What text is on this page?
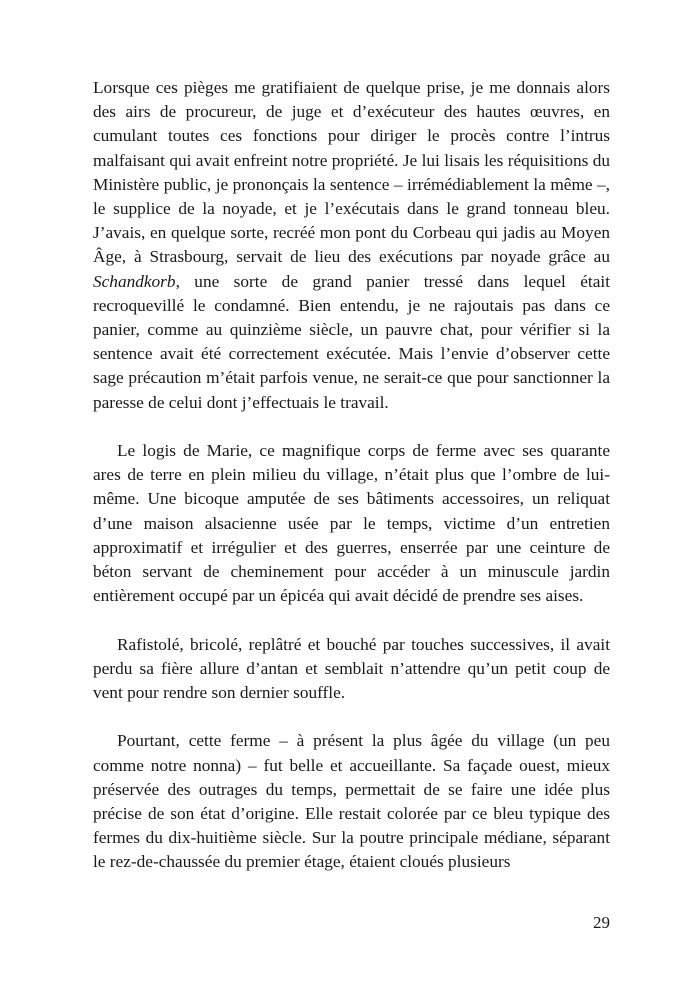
Lorsque ces pièges me gratifiaient de quelque prise, je me donnais alors des airs de procureur, de juge et d’exécuteur des hautes œuvres, en cumulant toutes ces fonctions pour diriger le procès contre l’intrus malfaisant qui avait enfreint notre propriété. Je lui lisais les réquisitions du Ministère public, je prononçais la sentence – irrémédiablement la même –, le supplice de la noyade, et je l’exécutais dans le grand tonneau bleu. J’avais, en quelque sorte, recréé mon pont du Corbeau qui jadis au Moyen Âge, à Strasbourg, servait de lieu des exécutions par noyade grâce au Schandkorb, une sorte de grand panier tressé dans lequel était recroquevillé le condamné. Bien entendu, je ne rajoutais pas dans ce panier, comme au quinzième siècle, un pauvre chat, pour vérifier si la sentence avait été correctement exécutée. Mais l’envie d’observer cette sage précaution m’était parfois venue, ne serait-ce que pour sanctionner la paresse de celui dont j’effectuais le travail.

Le logis de Marie, ce magnifique corps de ferme avec ses quarante ares de terre en plein milieu du village, n’était plus que l’ombre de lui-même. Une bicoque amputée de ses bâtiments accessoires, un reliquat d’une maison alsacienne usée par le temps, victime d’un entretien approximatif et irrégulier et des guerres, enserrée par une ceinture de béton servant de cheminement pour accéder à un minuscule jardin entièrement occupé par un épicéa qui avait décidé de prendre ses aises.

Rafistolé, bricolé, replâtré et bouché par touches successives, il avait perdu sa fière allure d’antan et semblait n’attendre qu’un petit coup de vent pour rendre son dernier souffle.

Pourtant, cette ferme – à présent la plus âgée du village (un peu comme notre nonna) – fut belle et accueillante. Sa façade ouest, mieux préservée des outrages du temps, permettait de se faire une idée plus précise de son état d’origine. Elle restait colorée par ce bleu typique des fermes du dix-huitième siècle. Sur la poutre principale médiane, séparant le rez-de-chaussée du premier étage, étaient cloués plusieurs

29
